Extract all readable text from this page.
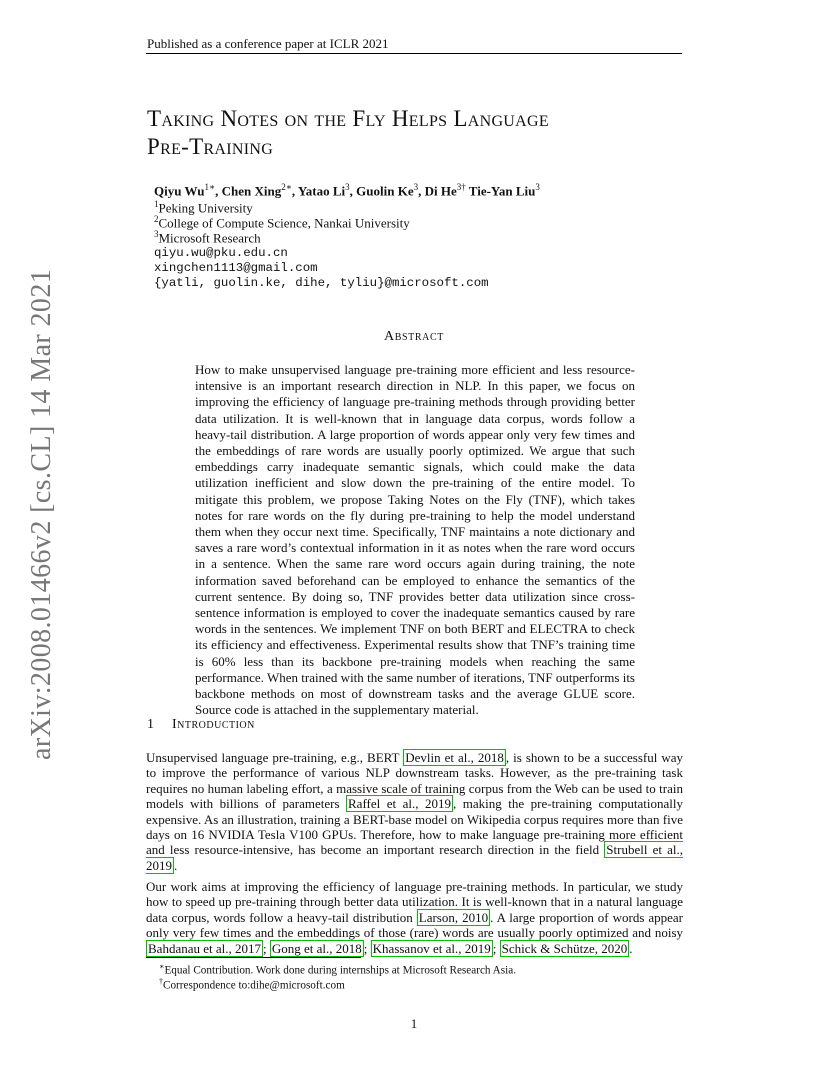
Published as a conference paper at ICLR 2021
Taking Notes on the Fly Helps Language
Pre-Training
Qiyu $Wu^{1∗}$, Chen Xing$^{2∗}$, Yatao Li$^3$, Guolin Ke$^3$, Di $He^{3\dagger}$ Tie-Yan Liu$^3$
$^1$Peking University
$^2$College of Compute Science, Nankai University
$^3$Microsoft Research
qiyu.wu@pku.edu.cn
xingchen1113@gmail.com
{yatli, guolin.ke, dihe, tyliu}@microsoft.com
arXiv:2008.01466v2 [cs.CL] 14 Mar 2021	Abstract
How to make unsupervised language pre-training more efficient and less resource-intensive is an important research direction in NLP. In this paper, we focus on improving the efficiency of language pre-training methods through providing better data utilization. It is well-known that in language data corpus, words follow a heavy-tail distribution. A large proportion of words appear only very few times and the embeddings of rare words are usually poorly optimized. We argue that such embeddings carry inadequate semantic signals, which could make the data utilization inefficient and slow down the pre-training of the entire model. To mitigate this problem, we propose Taking Notes on the Fly (TNF), which takes notes for rare words on the fly during pre-training to help the model understand them when they occur next time. Specifically, TNF maintains a note dictionary and saves a rare word’s contextual information in it as notes when the rare word occurs in a sentence. When the same rare word occurs again during training, the note information saved beforehand can be employed to enhance the semantics of the current sentence. By doing so, TNF provides better data utilization since cross-sentence information is employed to cover the inadequate semantics caused by rare words in the sentences. We implement TNF on both BERT and ELECTRA to check its efficiency and effectiveness. Experimental results show that TNF’s training time is 60% less than its backbone pre-training models when reaching the same performance. When trained with the same number of iterations, TNF outperforms its backbone methods on most of downstream tasks and the average GLUE score. Source code is attached in the supplementary material.
1 Introduction
Unsupervised language pre-training, e.g., BERT Devlin et al., 2018 , is shown to be a successful way to improve the performance of various NLP downstream tasks. However, as the pre-training task requires no human labeling effort, a massive scale of training corpus from the Web can be used to train models with billions of parameters Raffel et al., 2019 , making the pre-training computationally expensive. As an illustration, training a BERT-base model on Wikipedia corpus requires more than five days on 16 NVIDIA Tesla V100 GPUs. Therefore, how to make language pre-training more efficient and less resource-intensive, has become an important research direction in the field Strubell et al., 2019 .
Our work aims at improving the efficiency of language pre-training methods. In particular, we study how to speed up pre-training through better data utilization. It is well-known that in a natural language data corpus, words follow a heavy-tail distribution Larson, 2010 . A large proportion of words appear only very few times and the embeddings of those (rare) words are usually poorly optimized and noisy Bahdanau et al., 2017 ; Gong et al., 2018 ; Khassanov et al., 2019 ; Schick & Schütze, 2020 .
∗Equal Contribution. Work done during internships at Microsoft Research Asia.
†Correspondence to:dihe@microsoft.com
1
